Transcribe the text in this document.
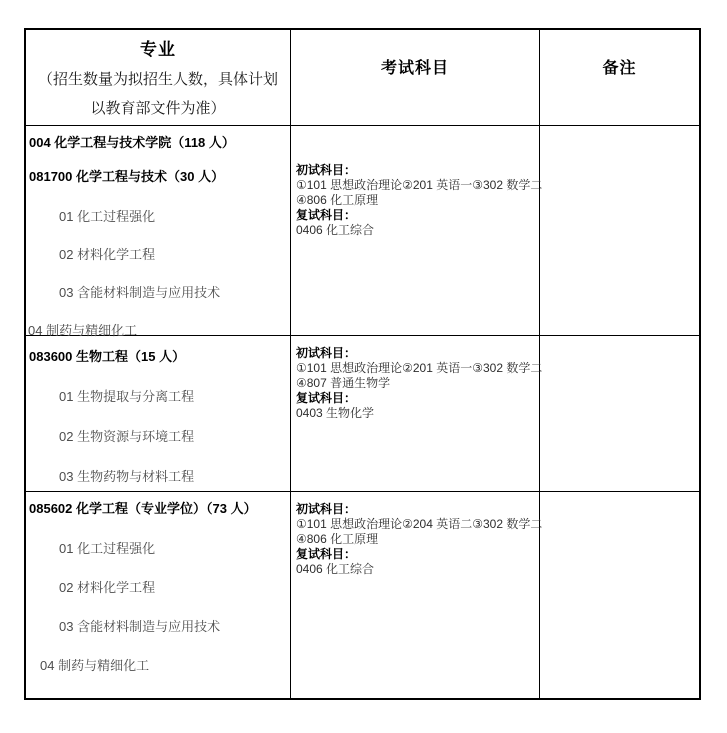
专业
（招生数量为拟招生人数，具体计划
以教育部文件为准）
考试科目	备注
004 化学工程与技术学院（118 人）
081700 化学工程与技术（30 人）
01 化工过程强化
02 材料化学工程
03 含能材料制造与应用技术
04 制药与精细化工
初试科目：
①101 思想政治理论②201 英语一③302 数学二
④806 化工原理
复试科目：
0406 化工综合
083600 生物工程（15 人）
01 生物提取与分离工程
02 生物资源与环境工程
03 生物药物与材料工程
初试科目：
①101 思想政治理论②201 英语一③302 数学二
④807 普通生物学
复试科目：
0403 生物化学
085602 化学工程（专业学位）（73 人）
01 化工过程强化
02 材料化学工程
03 含能材料制造与应用技术
04 制药与精细化工
初试科目：
①101 思想政治理论②204 英语二③302 数学二
④806 化工原理
复试科目：
0406 化工综合
